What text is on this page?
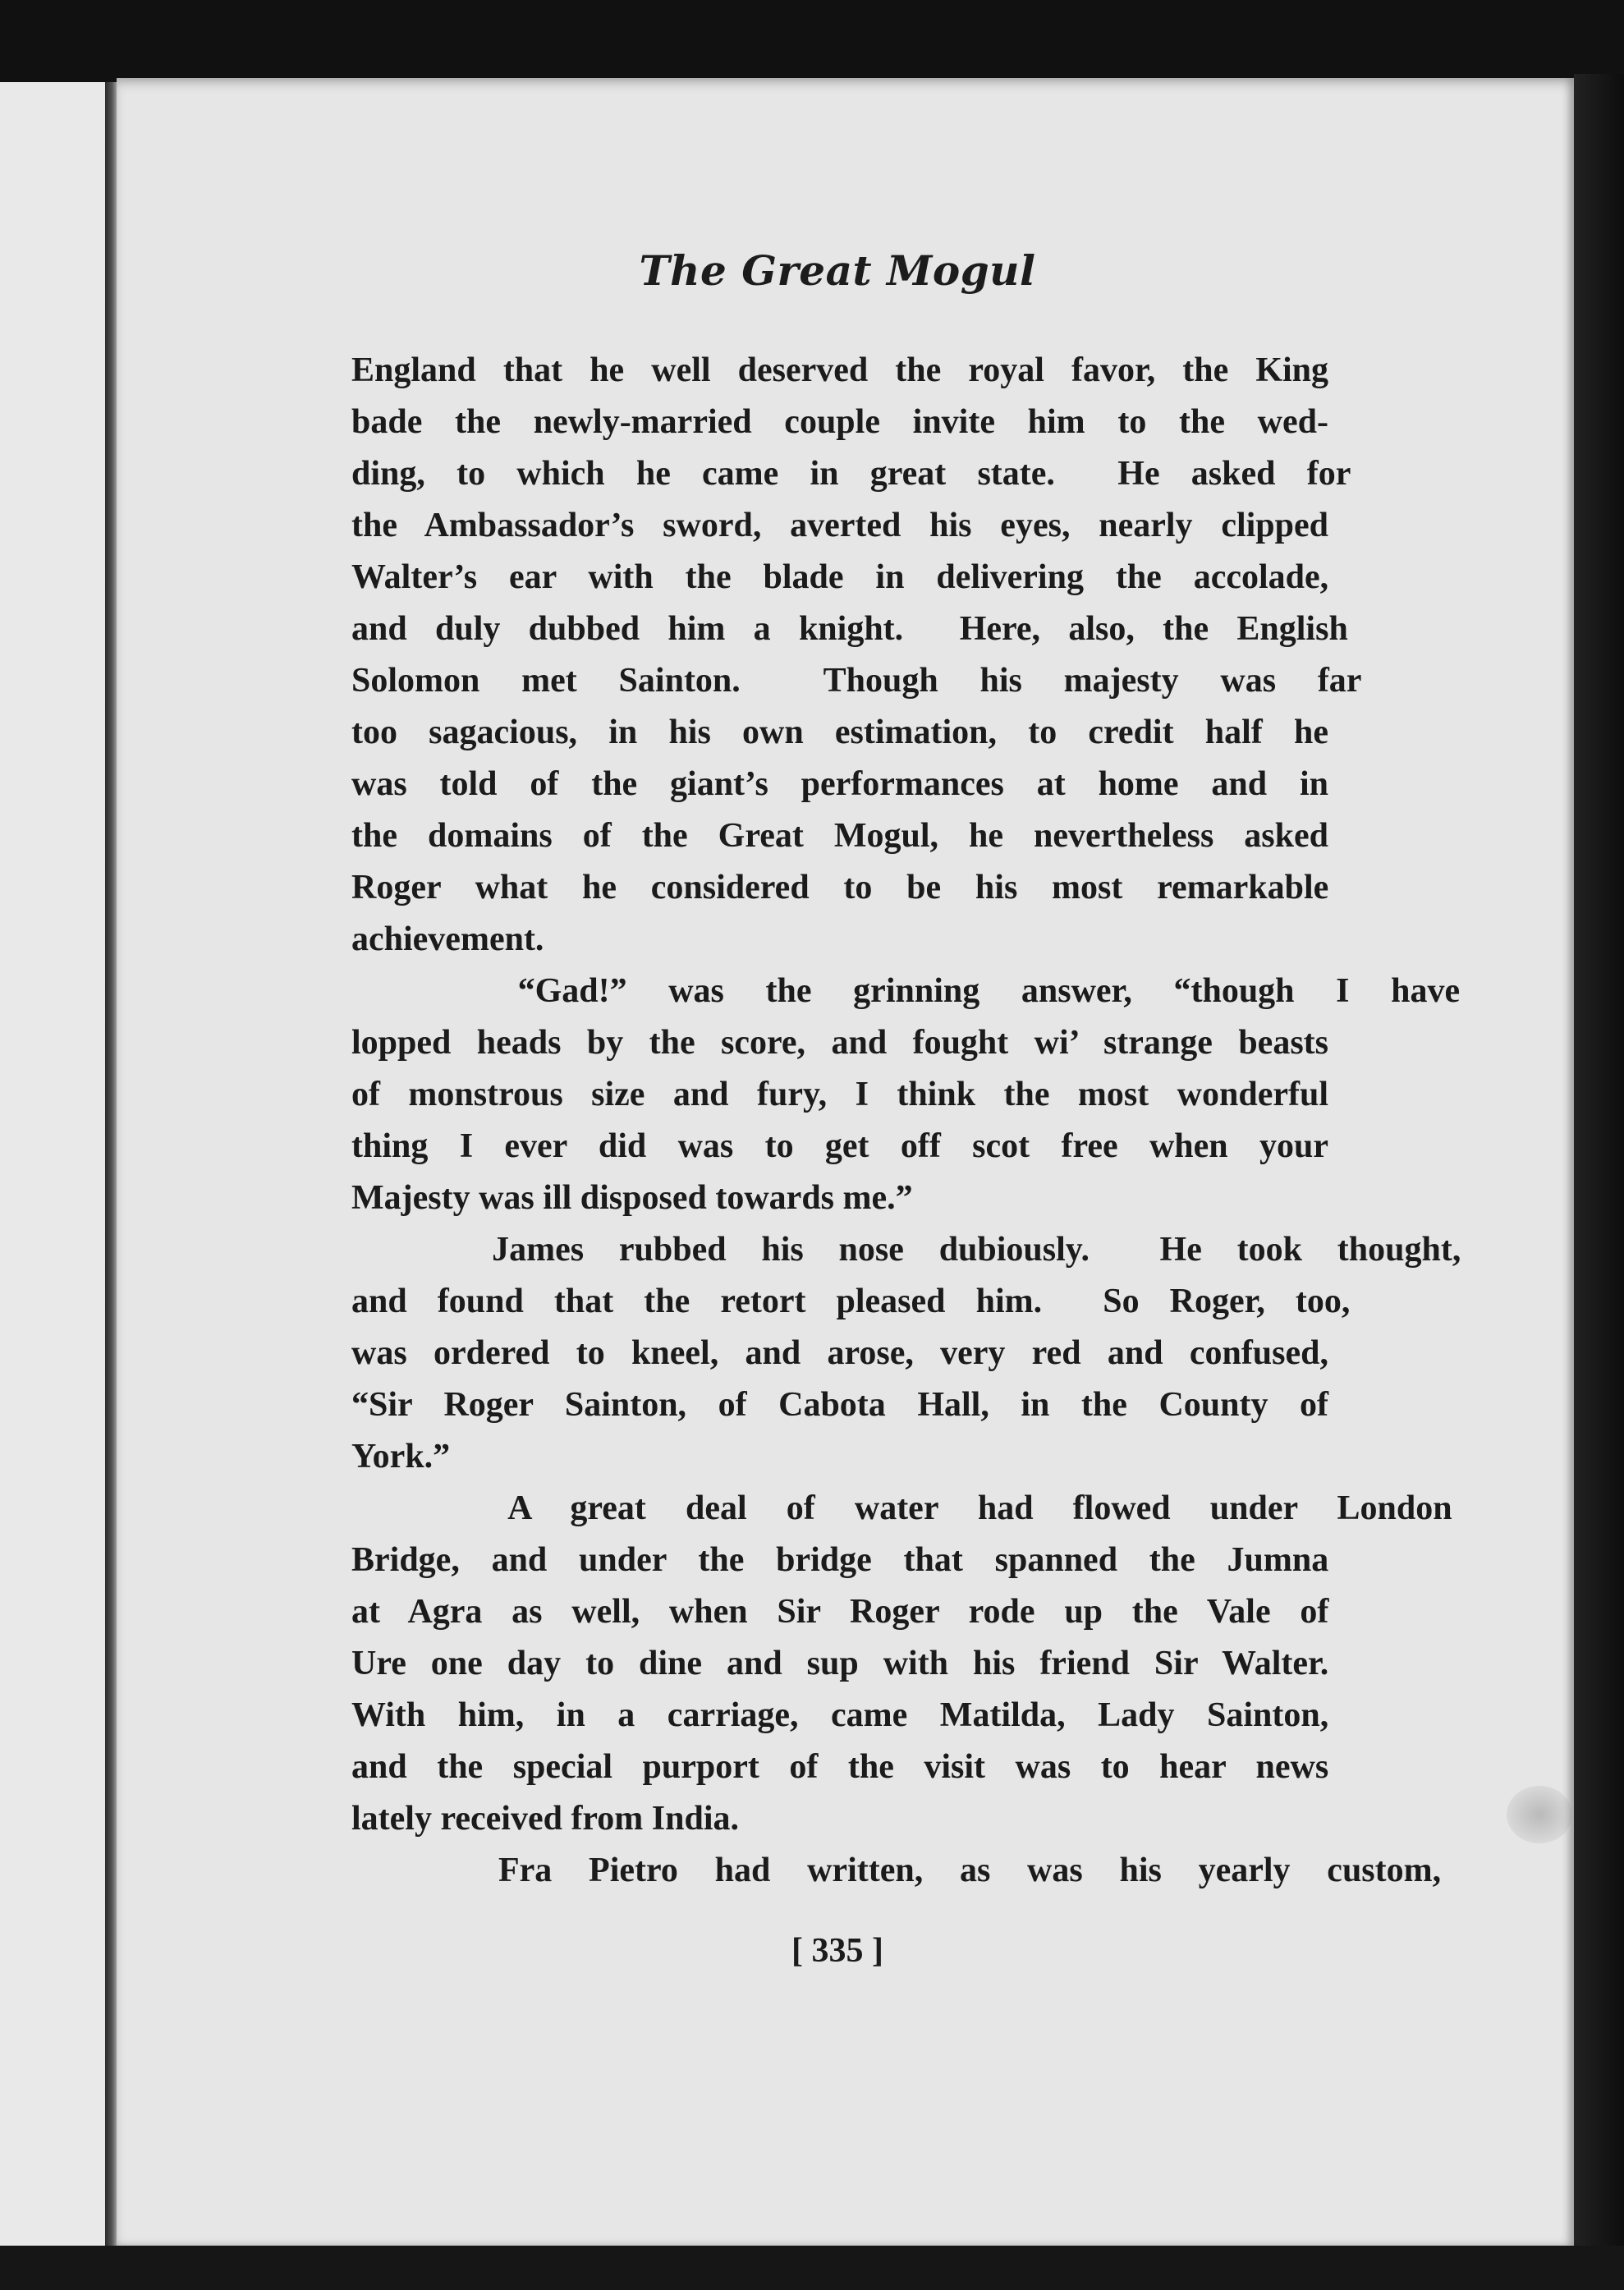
The Great Mogul
England that he well deserved the royal favor, the King
bade the newly-married couple invite him to the wed-
ding, to which he came in great state.  He asked for
the Ambassador’s sword, averted his eyes, nearly clipped
Walter’s ear with the blade in delivering the accolade,
and duly dubbed him a knight.  Here, also, the English
Solomon met Sainton.  Though his majesty was far
too sagacious, in his own estimation, to credit half he
was told of the giant’s performances at home and in
the domains of the Great Mogul, he nevertheless asked
Roger what he considered to be his most remarkable
achievement.
“Gad!” was the grinning answer, “though I have
lopped heads by the score, and fought wi’ strange beasts
of monstrous size and fury, I think the most wonderful
thing I ever did was to get off scot free when your
Majesty was ill disposed towards me.”
James rubbed his nose dubiously.  He took thought,
and found that the retort pleased him.  So Roger, too,
was ordered to kneel, and arose, very red and confused,
“Sir Roger Sainton, of Cabota Hall, in the County of
York.”
A great deal of water had flowed under London
Bridge, and under the bridge that spanned the Jumna
at Agra as well, when Sir Roger rode up the Vale of
Ure one day to dine and sup with his friend Sir Walter.
With him, in a carriage, came Matilda, Lady Sainton,
and the special purport of the visit was to hear news
lately received from India.
Fra Pietro had written, as was his yearly custom,
[ 335 ]
